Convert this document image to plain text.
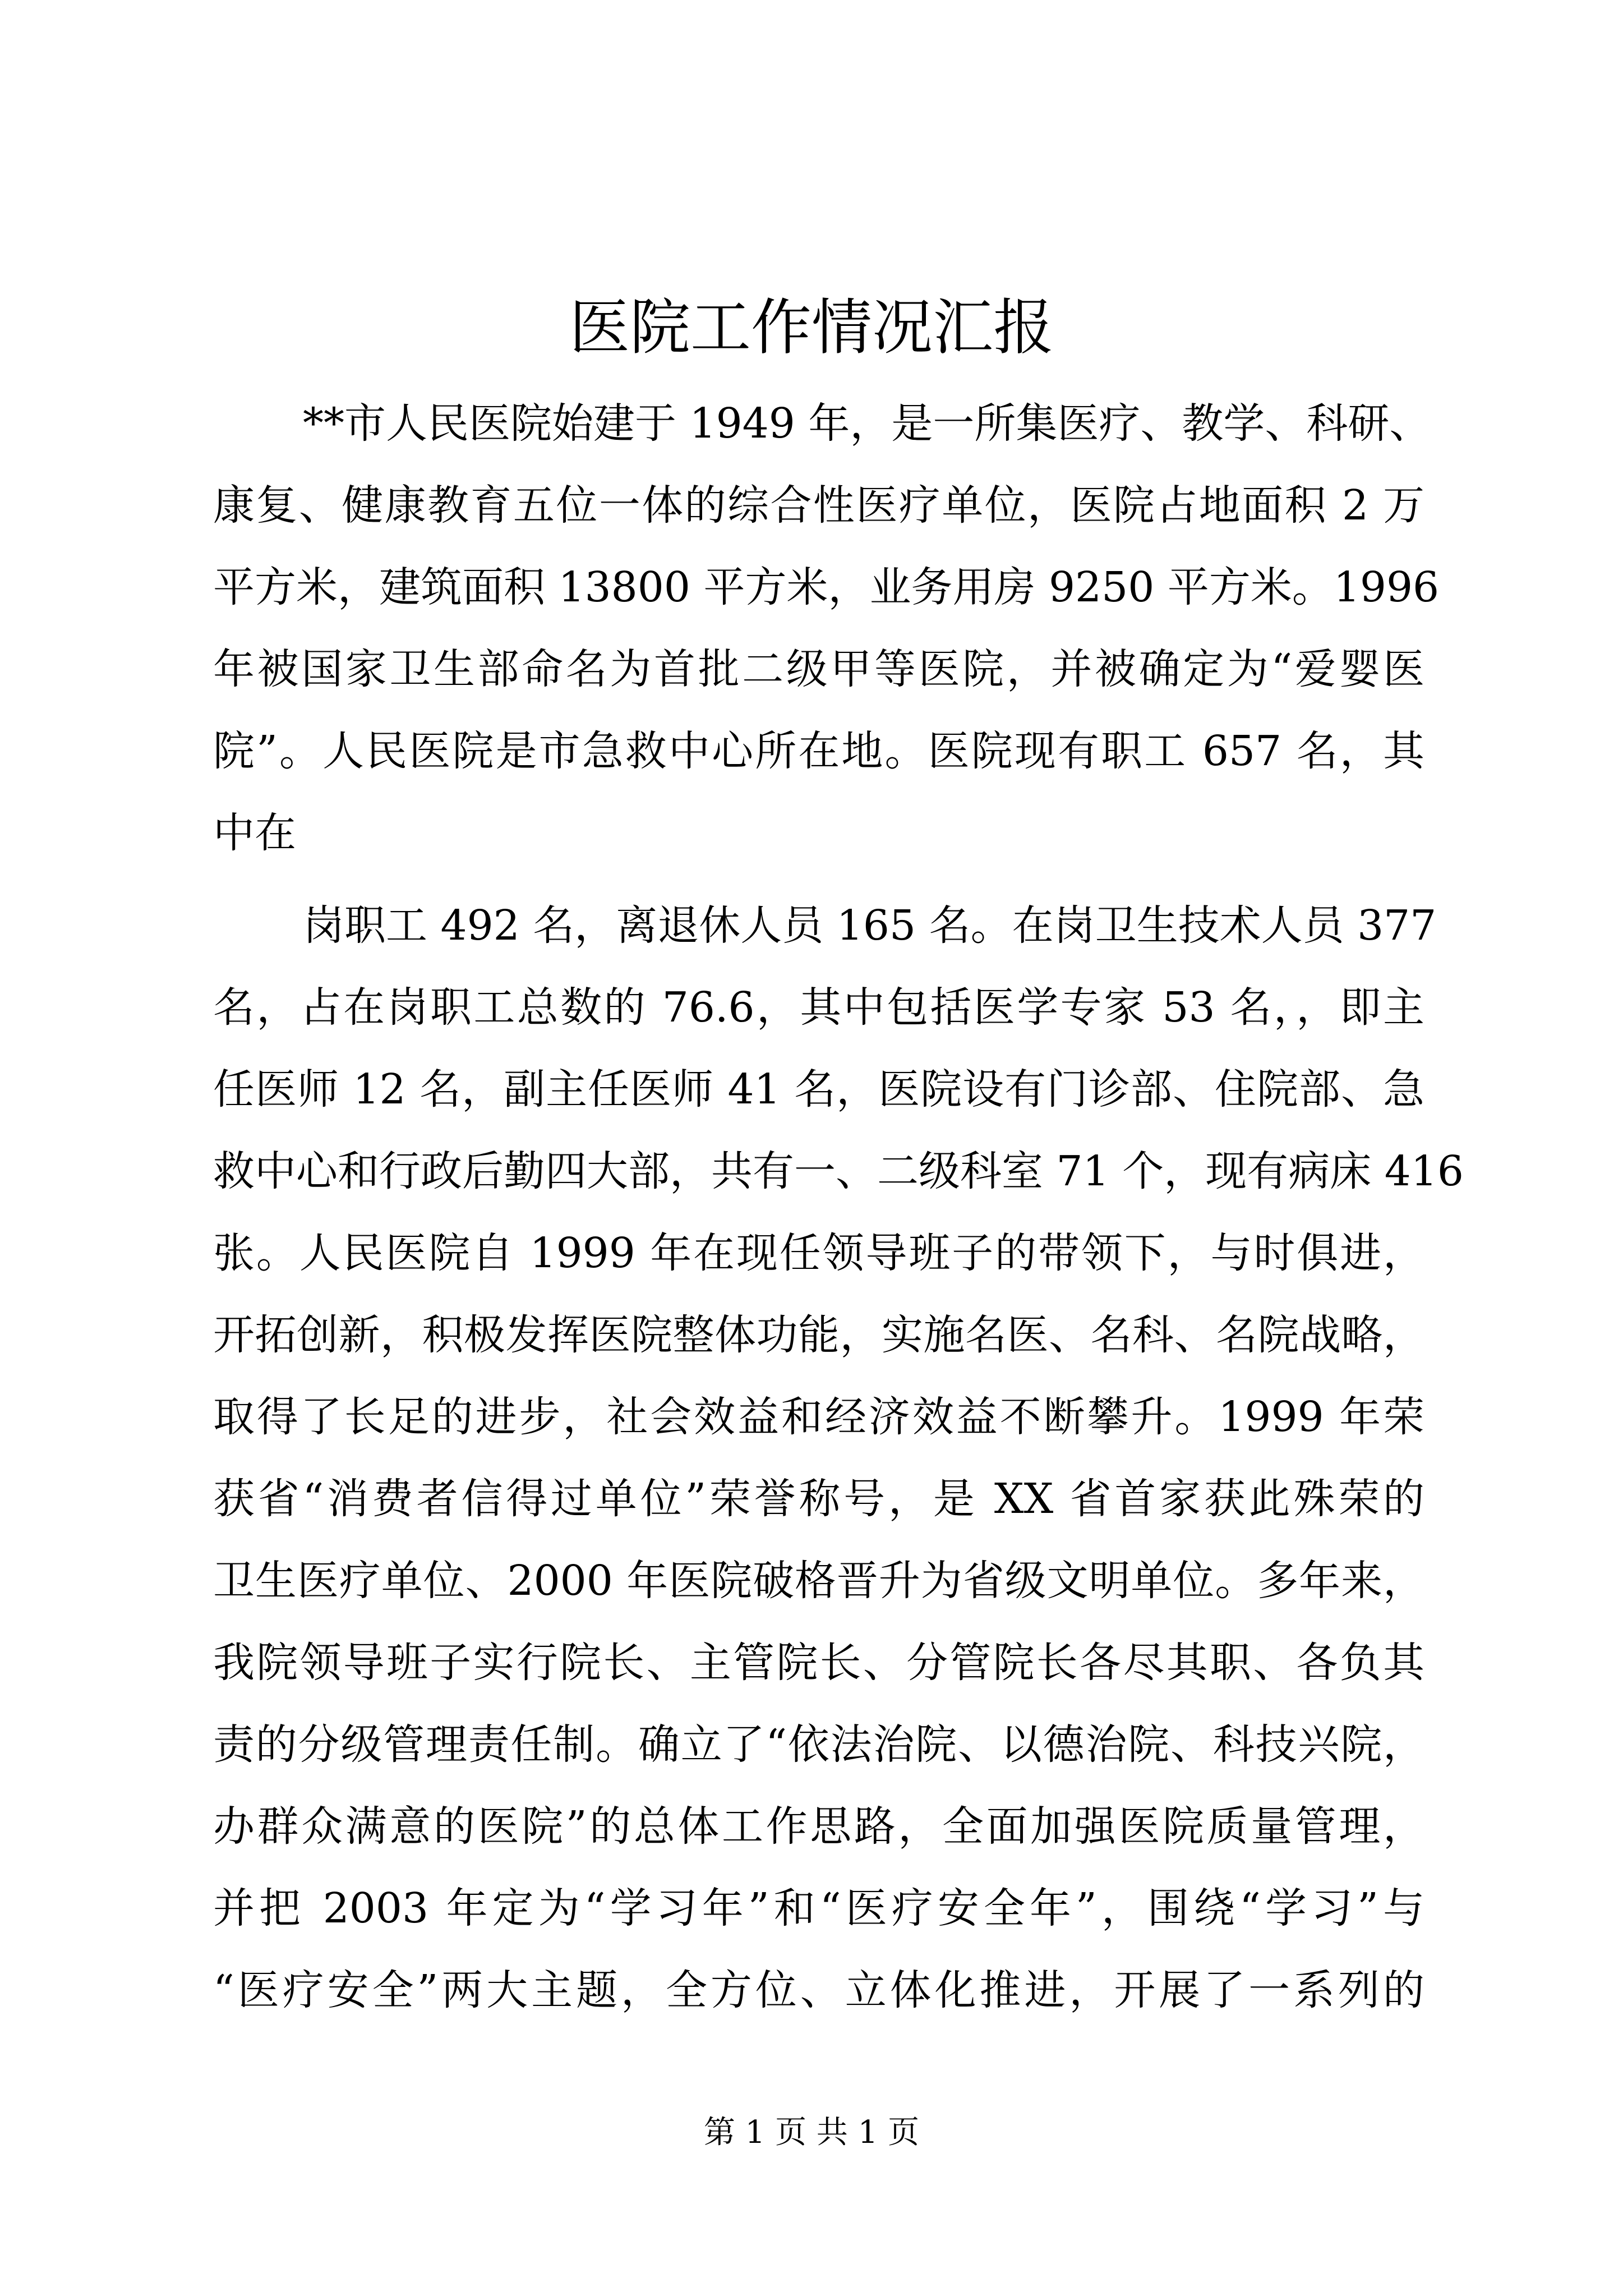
医院工作情况汇报

**市人民医院始建于 1949 年，是一所集医疗、教学、科研、

康复、健康教育五位一体的综合性医疗单位，医院占地面积 2 万

平方米，建筑面积 13800 平方米，业务用房 9250 平方米。1996

年被国家卫生部命名为首批二级甲等医院，并被确定为“爱婴医

院”。人民医院是市急救中心所在地。医院现有职工 657 名，其

中在

岗职工 492 名，离退休人员 165 名。在岗卫生技术人员 377

名，占在岗职工总数的 76.6，其中包括医学专家 53 名，，即主

任医师 12 名，副主任医师 41 名，医院设有门诊部、住院部、急

救中心和行政后勤四大部，共有一、二级科室 71 个，现有病床 416

张。人民医院自 1999 年在现任领导班子的带领下，与时俱进，

开拓创新，积极发挥医院整体功能，实施名医、名科、名院战略，

取得了长足的进步，社会效益和经济效益不断攀升。1999 年荣

获省“消费者信得过单位”荣誉称号，是 XX 省首家获此殊荣的

卫生医疗单位、2000 年医院破格晋升为省级文明单位。多年来，

我院领导班子实行院长、主管院长、分管院长各尽其职、各负其

责的分级管理责任制。确立了“依法治院、以德治院、科技兴院，

办群众满意的医院”的总体工作思路，全面加强医院质量管理，

并把 2003 年定为“学习年”和“医疗安全年”，围绕“学习”与

“医疗安全”两大主题，全方位、立体化推进，开展了一系列的

第 1 页 共 1 页
